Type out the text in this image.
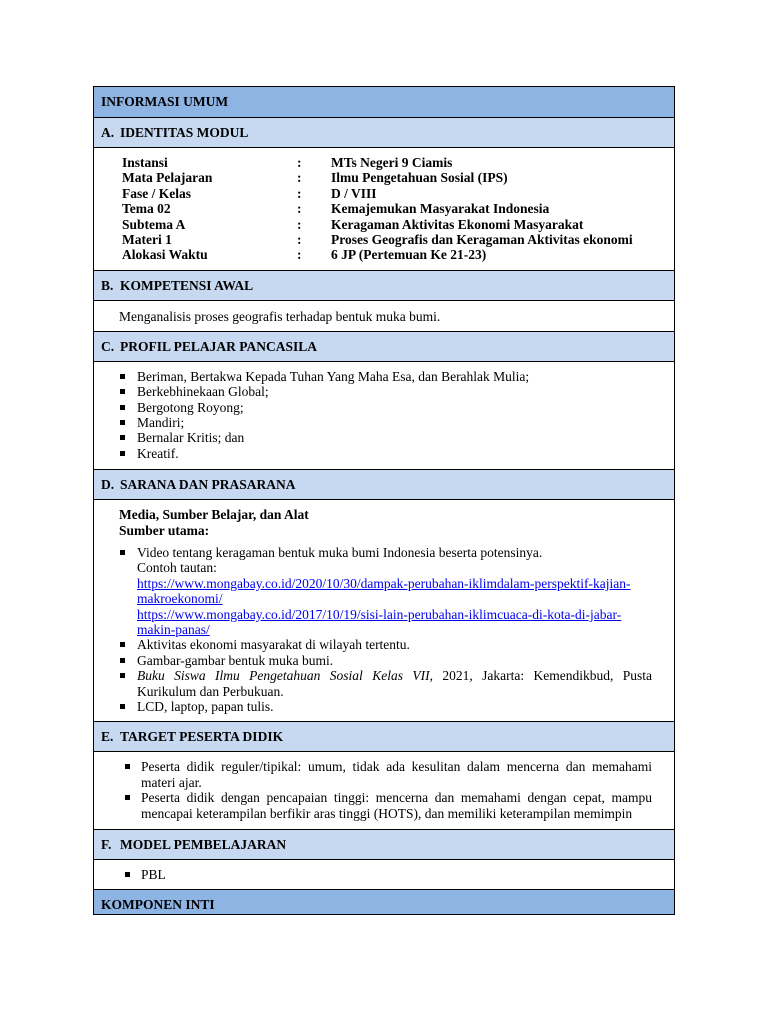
INFORMASI UMUM
A. IDENTITAS MODUL
Instansi	:	MTs Negeri 9 Ciamis
Mata Pelajaran	:	Ilmu Pengetahuan Sosial (IPS)
Fase / Kelas	:	D / VIII
Tema 02	:	Kemajemukan Masyarakat Indonesia
Subtema A	:	Keragaman Aktivitas Ekonomi Masyarakat
Materi 1	:	Proses Geografis dan Keragaman Aktivitas ekonomi
Alokasi Waktu	:	6 JP (Pertemuan Ke 21-23)
B. KOMPETENSI AWAL
Menganalisis proses geografis terhadap bentuk muka bumi.
C. PROFIL PELAJAR PANCASILA
Beriman, Bertakwa Kepada Tuhan Yang Maha Esa, dan Berahlak Mulia;
Berkebhinekaan Global;
Bergotong Royong;
Mandiri;
Bernalar Kritis; dan
Kreatif.
D. SARANA DAN PRASARANA
Media, Sumber Belajar, dan Alat
Sumber utama:
Video tentang keragaman bentuk muka bumi Indonesia beserta potensinya.
Contoh tautan:
https://www.mongabay.co.id/2020/10/30/dampak-perubahan-iklimdalam-perspektif-kajian-makroekonomi/
https://www.mongabay.co.id/2017/10/19/sisi-lain-perubahan-iklimcuaca-di-kota-di-jabar-makin-panas/
Aktivitas ekonomi masyarakat di wilayah tertentu.
Gambar-gambar bentuk muka bumi.
Buku Siswa Ilmu Pengetahuan Sosial Kelas VII, 2021, Jakarta: Kemendikbud, Pusta Kurikulum dan Perbukuan.
LCD, laptop, papan tulis.
E. TARGET PESERTA DIDIK
Peserta didik reguler/tipikal: umum, tidak ada kesulitan dalam mencerna dan memahami materi ajar.
Peserta didik dengan pencapaian tinggi: mencerna dan memahami dengan cepat, mampu mencapai keterampilan berfikir aras tinggi (HOTS), dan memiliki keterampilan memimpin
F. MODEL PEMBELAJARAN
PBL
KOMPONEN INTI
